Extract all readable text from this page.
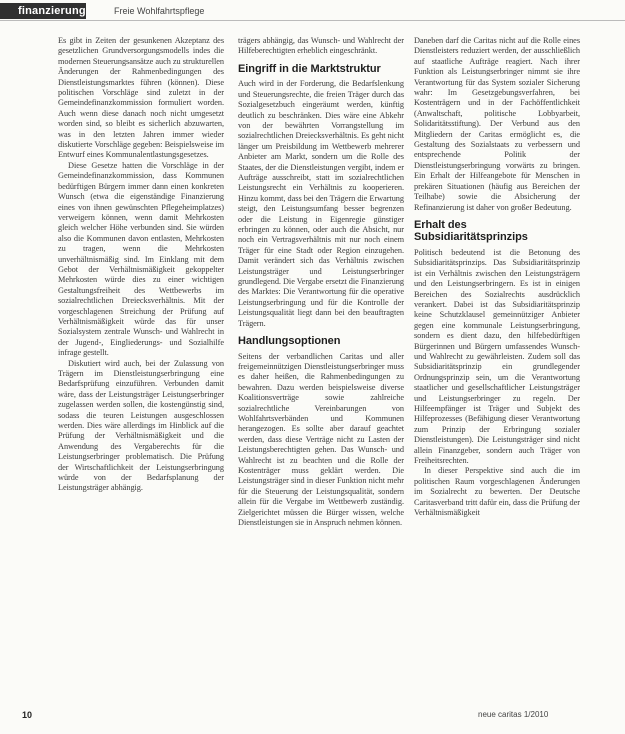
finanzierung	Freie Wohlfahrtspflege

Es gibt in Zeiten der gesunkenen Akzeptanz des gesetzlichen Grundversorgungsmodells indes die modernen Steuerungsansätze auch zu strukturellen Änderungen der Rahmenbedingungen des Dienstleistungsmarktes führen (können). Diese politischen Vorschläge sind zuletzt in der Gemeindefinanzkommission formuliert worden. Auch wenn diese danach noch nicht umgesetzt worden sind, so bleibt es sicherlich abzuwarten, was in den letzten Jahren immer wieder diskutierte Vorschläge gegeben: Beispielsweise im Entwurf eines Kommunalentlastungsgesetzes.

Diese Gesetze hatten die Vorschläge in der Gemeindefinanzkommission, dass Kommunen bedürftigen Bürgern immer dann einen konkreten Wunsch (etwa die eigenständige Finanzierung eines von ihnen gewünschten Pflegeheimplatzes) verweigern können, wenn damit Mehrkosten gleich welcher Höhe verbunden sind. Sie würden also die Kommunen davon entlasten, Mehrkosten zu tragen, wenn die Mehrkosten unverhältnismäßig sind. Im Einklang mit dem Gebot der Verhältnismäßigkeit gekoppelter Mehrkosten würde dies zu einer wichtigen Gestaltungsfreiheit des Wettbewerbs im sozialrechtlichen Dreiecksverhältnis. Mit der vorgeschlagenen Streichung der Prüfung auf Verhältnismäßigkeit würde das für unser Sozialsystem zentrale Wunsch- und Wahlrecht in der Jugend-, Eingliederungs- und Sozialhilfe infrage gestellt.

Diskutiert wird auch, bei der Zulassung von Trägern im Dienstleistungserbringung eine Bedarfsprüfung einzuführen. Verbunden damit wäre, dass der Leistungsträger Leistungserbringer zugelassen werden sollen, die kostengünstig sind, sodass die teuren Leistungen ausgeschlossen werden. Dies wäre allerdings im Hinblick auf die Prüfung der Verhältnismäßigkeit und die Anwendung des Vergaberechts für die Leistungserbringer problematisch. Die Prüfung der Wirtschaftlichkeit der Leistungserbringung würde von der Bedarfsplanung der Leistungsträger abhängig.

trägers abhängig, das Wunsch- und Wahlrecht der Hilfeberechtigten erheblich eingeschränkt.

Eingriff in die Marktstruktur

Auch wird in der Forderung, die Bedarfslenkung und Steuerungsrechte, die freien Träger durch das Sozialgesetzbuch eingeräumt werden, künftig deutlich zu beschränken. Dies wäre eine Abkehr von der bewährten Vorrangstellung im sozialrechtlichen Dreiecksverhältnis. Es geht nicht länger um Preisbildung im Wettbewerb mehrerer Anbieter am Markt, sondern um die Rolle des Staates, der die Dienstleistungen vergibt, indem er Aufträge ausschreibt, statt im sozialrechtlichen Leistungsrecht ein Verhältnis zu kooperieren. Hinzu kommt, dass bei den Trägern die Erwartung steigt, den Leistungsumfang besser begrenzen oder die Leistung in Eigenregie günstiger erbringen zu können, oder auch die Absicht, nur noch ein Vertragsverhältnis mit nur noch einem Träger für eine Stadt oder Region einzugehen. Damit verändert sich das Verhältnis zwischen Leistungsträger und Leistungserbringer grundlegend. Die Vergabe ersetzt die Finanzierung des Marktes: Die Verantwortung für die operative Leistungserbringung und für die Kontrolle der Leistungsqualität liegt dann bei den beauftragten Trägern.

Handlungsoptionen

Seitens der verbandlichen Caritas und aller freigemeinnützigen Dienstleistungserbringer muss es daher heißen, die Rahmenbedingungen zu bewahren. Dazu werden beispielsweise diverse Koalitionsverträge sowie zahlreiche sozialrechtliche Vereinbarungen von Wohlfahrtsverbänden und Kommunen herangezogen. Es sollte aber darauf geachtet werden, dass diese Verträge nicht zu Lasten der Leistungsberechtigten gehen. Das Wunsch- und Wahlrecht ist zu beachten und die Rolle der Kostenträger muss geklärt werden. Die Leistungsträger sind in dieser Funktion nicht mehr für die Steuerung der Leistungsqualität, sondern allein für die Vergabe im Wettbewerb zuständig. Zielgerichtet müssen die Bürger wissen, welche Dienstleistungen sie in Anspruch nehmen können.

Daneben darf die Caritas nicht auf die Rolle eines Dienstleisters reduziert werden, der ausschließlich auf staatliche Aufträge reagiert. Nach ihrer Funktion als Leistungserbringer nimmt sie ihre Verantwortung für das System sozialer Sicherung wahr: Im Gesetzgebungsverfahren, bei Kostenträgern und in der Fachöffentlichkeit (Anwaltschaft, politische Lobbyarbeit, Solidaritätsstiftung). Der Verbund aus den Mitgliedern der Caritas ermöglicht es, die Gestaltung des Sozialstaats zu verbessern und entsprechende Politik der Dienstleistungserbringung vorwärts zu bringen. Ein Erhalt der Hilfeangebote für Menschen in prekären Situationen (häufig aus Bereichen der Teilhabe) sowie die Absicherung der Refinanzierung ist daher von großer Bedeutung.

Erhalt des Subsidiaritätsprinzips

Politisch bedeutend ist die Betonung des Subsidiaritätsprinzips. Das Subsidiaritätsprinzip ist ein Verhältnis zwischen den Leistungsträgern und den Leistungserbringern. Es ist in einigen Bereichen des Sozialrechts ausdrücklich verankert. Dabei ist das Subsidiaritätsprinzip keine Schutzklausel gemeinnütziger Anbieter gegen eine kommunale Leistungserbringung, sondern es dient dazu, den hilfebedürftigen Bürgerinnen und Bürgern umfassendes Wunsch- und Wahlrecht zu gewährleisten. Zudem soll das Subsidiaritätsprinzip ein grundlegender Ordnungsprinzip sein, um die Verantwortung staatlicher und gesellschaftlicher Leistungsträger und Leistungserbringer zu regeln. Der Hilfeempfänger ist Träger und Subjekt des Hilfeprozesses (Befähigung dieser Verantwortung zum Prinzip der Erbringung sozialer Dienstleistungen). Die Leistungsträger sind nicht allein Finanzgeber, sondern auch Träger von Freiheitsrechten.

In dieser Perspektive sind auch die im politischen Raum vorgeschlagenen Änderungen im Sozialrecht zu bewerten. Der Deutsche Caritasverband tritt dafür ein, dass die Prüfung der Verhältnismäßigkeit

10	neue caritas 1/2010
